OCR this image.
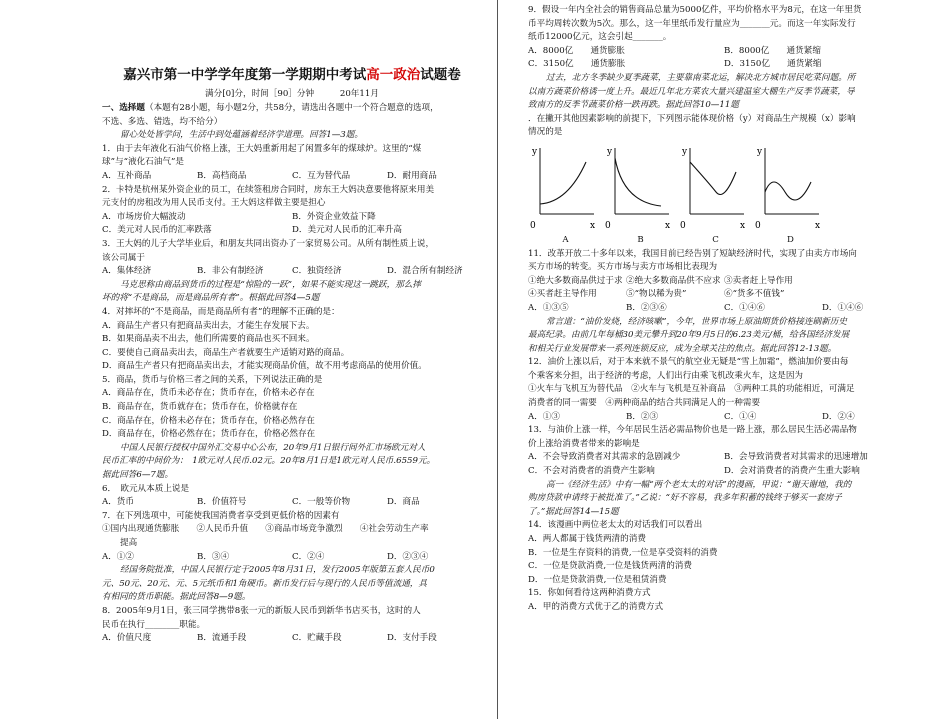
嘉兴市第一中学学年度第一学期期中考试高一政治试题卷
满分[0]分，时间［90］分钟　　　20年11月
一、选择题（本题有28小题，每小题2分，共58分，请选出各题中一个符合题意的选项，
不选、多选、错选，均不给分）
留心处处皆学问，生活中到处蕴涵着经济学道理。回答1—3题。
1．由于去年液化石油气价格上涨，王大妈重新用起了闲置多年的煤球炉。这里的“煤
球”与“液化石油气”是
A．互补商品	B．高档商品	C．互为替代品	D．耐用商品
2．卡特是杭州某外资企业的员工，在续签租房合同时，房东王大妈决意要他将原来用美
元支付的房租改为用人民币支付。王大妈这样做主要是担心
A．市场房价大幅波动	B．外资企业效益下降
C．美元对人民币的汇率跌落	D．美元对人民币的汇率升高
3．王大妈的儿子大学毕业后，和朋友共同出资办了一家贸易公司。从所有制性质上说，
该公司属于
A．集体经济	B．非公有制经济	C．独资经济	D．混合所有制经济
马克思称由商品到货币的过程是“惊险的一跃”，如果不能实现这一跳跃，那么摔
坏的将“不是商品，而是商品所有者”。根据此回答4—5题
4．对摔坏的“不是商品，而是商品所有者”的理解不正确的是：
A．商品生产者只有把商品卖出去，才能生存发展下去。
B．如果商品卖不出去，他们所需要的商品也买不回来。
C．要使自己商品卖出去，商品生产者就要生产适销对路的商品。
D．商品生产者只有把商品卖出去，才能实现商品价值，故不用考虑商品的使用价值。
5．商品，货币与价格三者之间的关系，下列说法正确的是
A．商品存在，货币未必存在；货币存在，价格未必存在
B．商品存在，货币就存在；货币存在，价格就存在
C．商品存在，价格未必存在；货币存在，价格必然存在
D．商品存在，价格必然存在；货币存在，价格必然存在
中国人民银行授权中国外汇交易中心公布，20年9月1日银行间外汇市场欧元对人
民币汇率的中间价为：　1欧元对人民币.02元。20年8月1日是1欧元对人民币.6559元。
据此回答6—7题。
6．　欧元从本质上说是
A．货币	B．价值符号	C．一般等价物	D．商品
7．在下列选项中，可能使我国消费者享受到更低价格的因素有
①国内出现通货膨胀　　②人民币升值　　③商品市场竞争激烈　　④社会劳动生产率
提高
A．①②	B．③④	C．②④	D．②③④
经国务院批准，中国人民银行定于2005年8月31日，发行2005年版第五套人民币0
元、50元、20元、元、5元纸币和1角硬币。新币发行后与现行的人民币等值流通，具
有相同的货币职能。据此回答8—9题。
8．2005年9月1日，张三同学携带8张一元的新版人民币到新华书店买书，这时的人
民币在执行________职能。
A．价值尺度	B．流通手段	C．贮藏手段	D．支付手段
9．假设一年内全社会的销售商品总量为5000亿件，平均价格水平为8元，在这一年里货
币平均周转次数为5次。那么，这一年里纸币发行量应为_______元。而这一年实际发行
纸币12000亿元，这会引起_______。
A．8000亿　　通货膨胀	B．8000亿　　通货紧缩
C．3150亿　　通货膨胀	D．3150亿　　通货紧缩
过去，北方冬季缺少夏季蔬菜，主要靠南菜北运，解决北方城市居民吃菜问题。所
以南方蔬菜价格诱一度上升。最近几年北方菜农大量兴建温室大棚生产反季节蔬菜，导
致南方的反季节蔬菜价格一跌再跌。据此回答10—11题
．在撇开其他因素影响的前提下，下列图示能体现价格（y）对商品生产规模（x）影响
情况的是
y
x
0
y
x
0
y
x
0
y
x
0
A	B	C	D
11．改革开放二十多年以来，我国目前已经告别了短缺经济时代，实现了由卖方市场向
买方市场的转变。买方市场与卖方市场相比表现为
①绝大多数商品供过于求 ②绝大多数商品供不应求 ③卖者赶上导作用
④买者赶主导作用	⑤“物以稀为贵”	⑥“货多不值钱”
A．①③⑤	B．②③⑥	C．①④⑥	D．①④⑥
常言道：“油价发烧，经济咳嗽”，今年，世界市场上原油期货价格接连刷新历史
最高纪录。由前几年每桶30美元攀升到20年9月5日的6.23美元/桶，给各国经济发展
和相关行业发展带来一系列连锁反应，成为全球关注的焦点。据此回答12-13题。
12．油价上涨以后，对于本来就不景气的航空业无疑是“雪上加霜”，燃油加价要由每
个乘客来分担，出于经济的考虑，人们出行由乘飞机改乘火车，这是因为
①火车与飞机互为替代品　②火车与飞机是互补商品　③两种工具的功能相近，可满足
消费者的同一需要　④两种商品的结合共同满足人的一种需要
A．①③	B．②③	C．①④	D．②④
13．与油价上涨一样，今年居民生活必需品物价也是一路上涨，那么居民生活必需品物
价上涨给消费者带来的影响是
A．不会导致消费者对其需求的急剧减少	B．会导致消费者对其需求的迅速增加
C．不会对消费者的消费产生影响	D．会对消费者的消费产生重大影响
高一《经济生活》中有一幅“两个老太太的对话”的漫画，甲说：“谢天谢地，我的
购房贷款申请终于被批准了。”乙说：“好不容易，我多年积蓄的钱终于够买一套房子
了。”据此回答14—15题
14．该漫画中两位老太太的对话我们可以看出
A．两人都属于钱货两清的消费
B．一位是生存资料的消费,一位是享受资料的消费
C．一位是贷款消费,一位是钱货两清的消费
D．一位是贷款消费,一位是租赁消费
15．你如何看待这两种消费方式
A．甲的消费方式优于乙的消费方式
